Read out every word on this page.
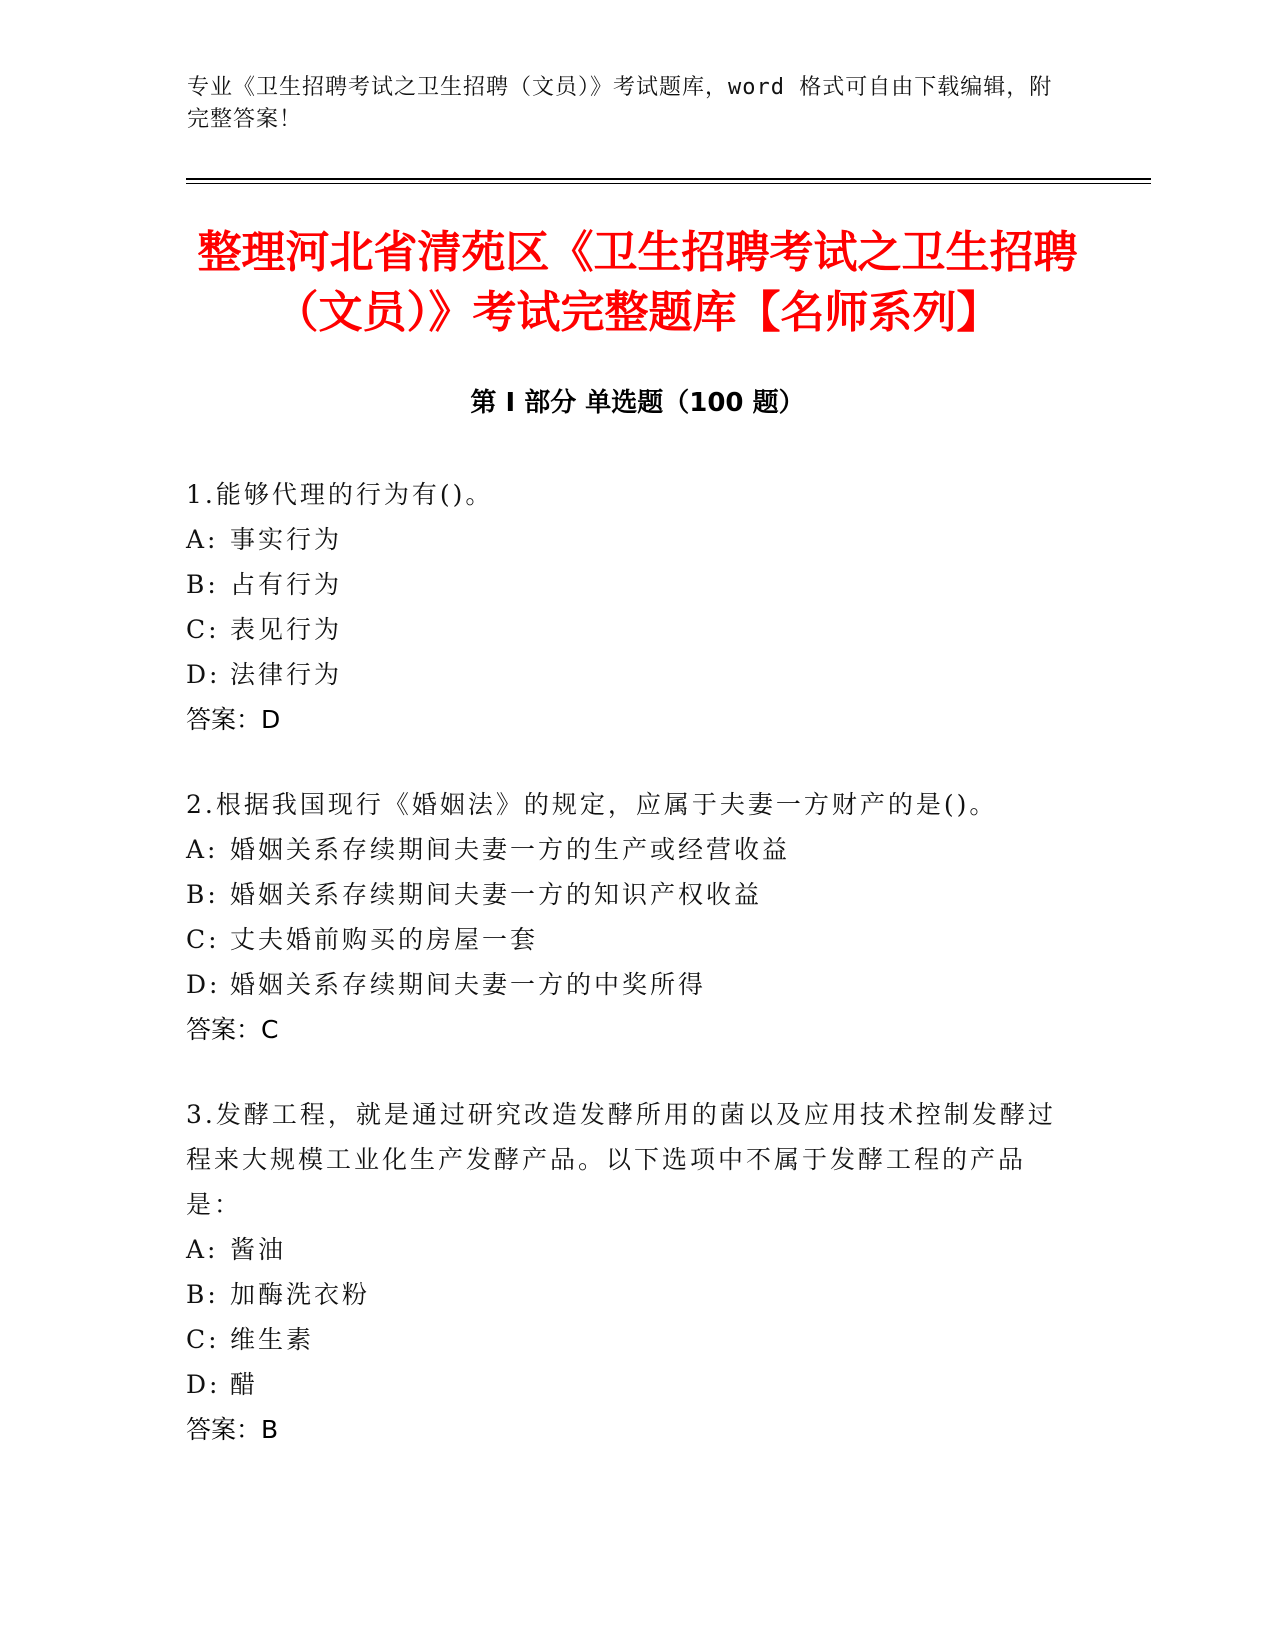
专业《卫生招聘考试之卫生招聘（文员）》考试题库，word 格式可自由下载编辑，附完整答案！
整理河北省清苑区《卫生招聘考试之卫生招聘（文员）》考试完整题库【名师系列】
第 I 部分 单选题（100 题）
1.能够代理的行为有()。
A: 事实行为
B: 占有行为
C: 表见行为
D: 法律行为
答案：D
2.根据我国现行《婚姻法》的规定，应属于夫妻一方财产的是()。
A: 婚姻关系存续期间夫妻一方的生产或经营收益
B: 婚姻关系存续期间夫妻一方的知识产权收益
C: 丈夫婚前购买的房屋一套
D: 婚姻关系存续期间夫妻一方的中奖所得
答案：C
3.发酵工程，就是通过研究改造发酵所用的菌以及应用技术控制发酵过程来大规模工业化生产发酵产品。以下选项中不属于发酵工程的产品是：
A: 酱油
B: 加酶洗衣粉
C: 维生素
D: 醋
答案：B
